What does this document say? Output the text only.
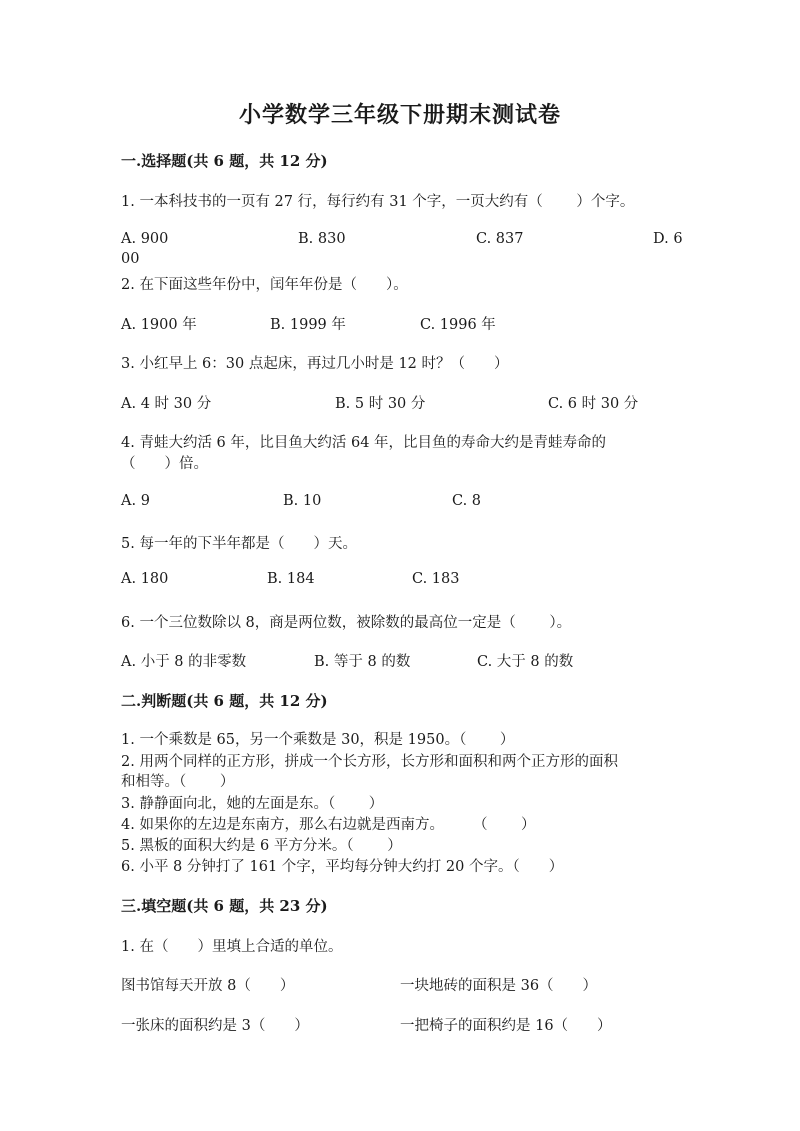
小学数学三年级下册期末测试卷
一.选择题(共 6 题，共 12 分)
1. 一本科技书的一页有 27 行，每行约有 31 个字，一页大约有（　　 ）个字。
A. 900	B. 830	C. 837	D. 6
00
2. 在下面这些年份中，闰年年份是（　　）。
A. 1900 年	B. 1999 年	C. 1996 年
3. 小红早上 6：30 点起床，再过几小时是 12 时？（　　）
A. 4 时 30 分	B. 5 时 30 分	C. 6 时 30 分
4. 青蛙大约活 6 年，比目鱼大约活 64 年，比目鱼的寿命大约是青蛙寿命的
（　　）倍。
A. 9	B. 10	C. 8
5. 每一年的下半年都是（　　）天。
A. 180	B. 184	C. 183
6. 一个三位数除以 8，商是两位数，被除数的最高位一定是（　　 ）。
A. 小于 8 的非零数	B. 等于 8 的数	C. 大于 8 的数
二.判断题(共 6 题，共 12 分)
1. 一个乘数是 65，另一个乘数是 30，积是 1950。（　　 ）
2. 用两个同样的正方形，拼成一个长方形，长方形和面积和两个正方形的面积
和相等。（　　 ）
3. 静静面向北，她的左面是东。（　　 ）
4. 如果你的左边是东南方，那么右边就是西南方。　　　（　　 ）
5. 黑板的面积大约是 6 平方分米。（　　 ）
6. 小平 8 分钟打了 161 个字，平均每分钟大约打 20 个字。（　　）
三.填空题(共 6 题，共 23 分)
1. 在（　　）里填上合适的单位。
图书馆每天开放 8（　　）	一块地砖的面积是 36（　　）
一张床的面积约是 3（　　）	一把椅子的面积约是 16（　　）
